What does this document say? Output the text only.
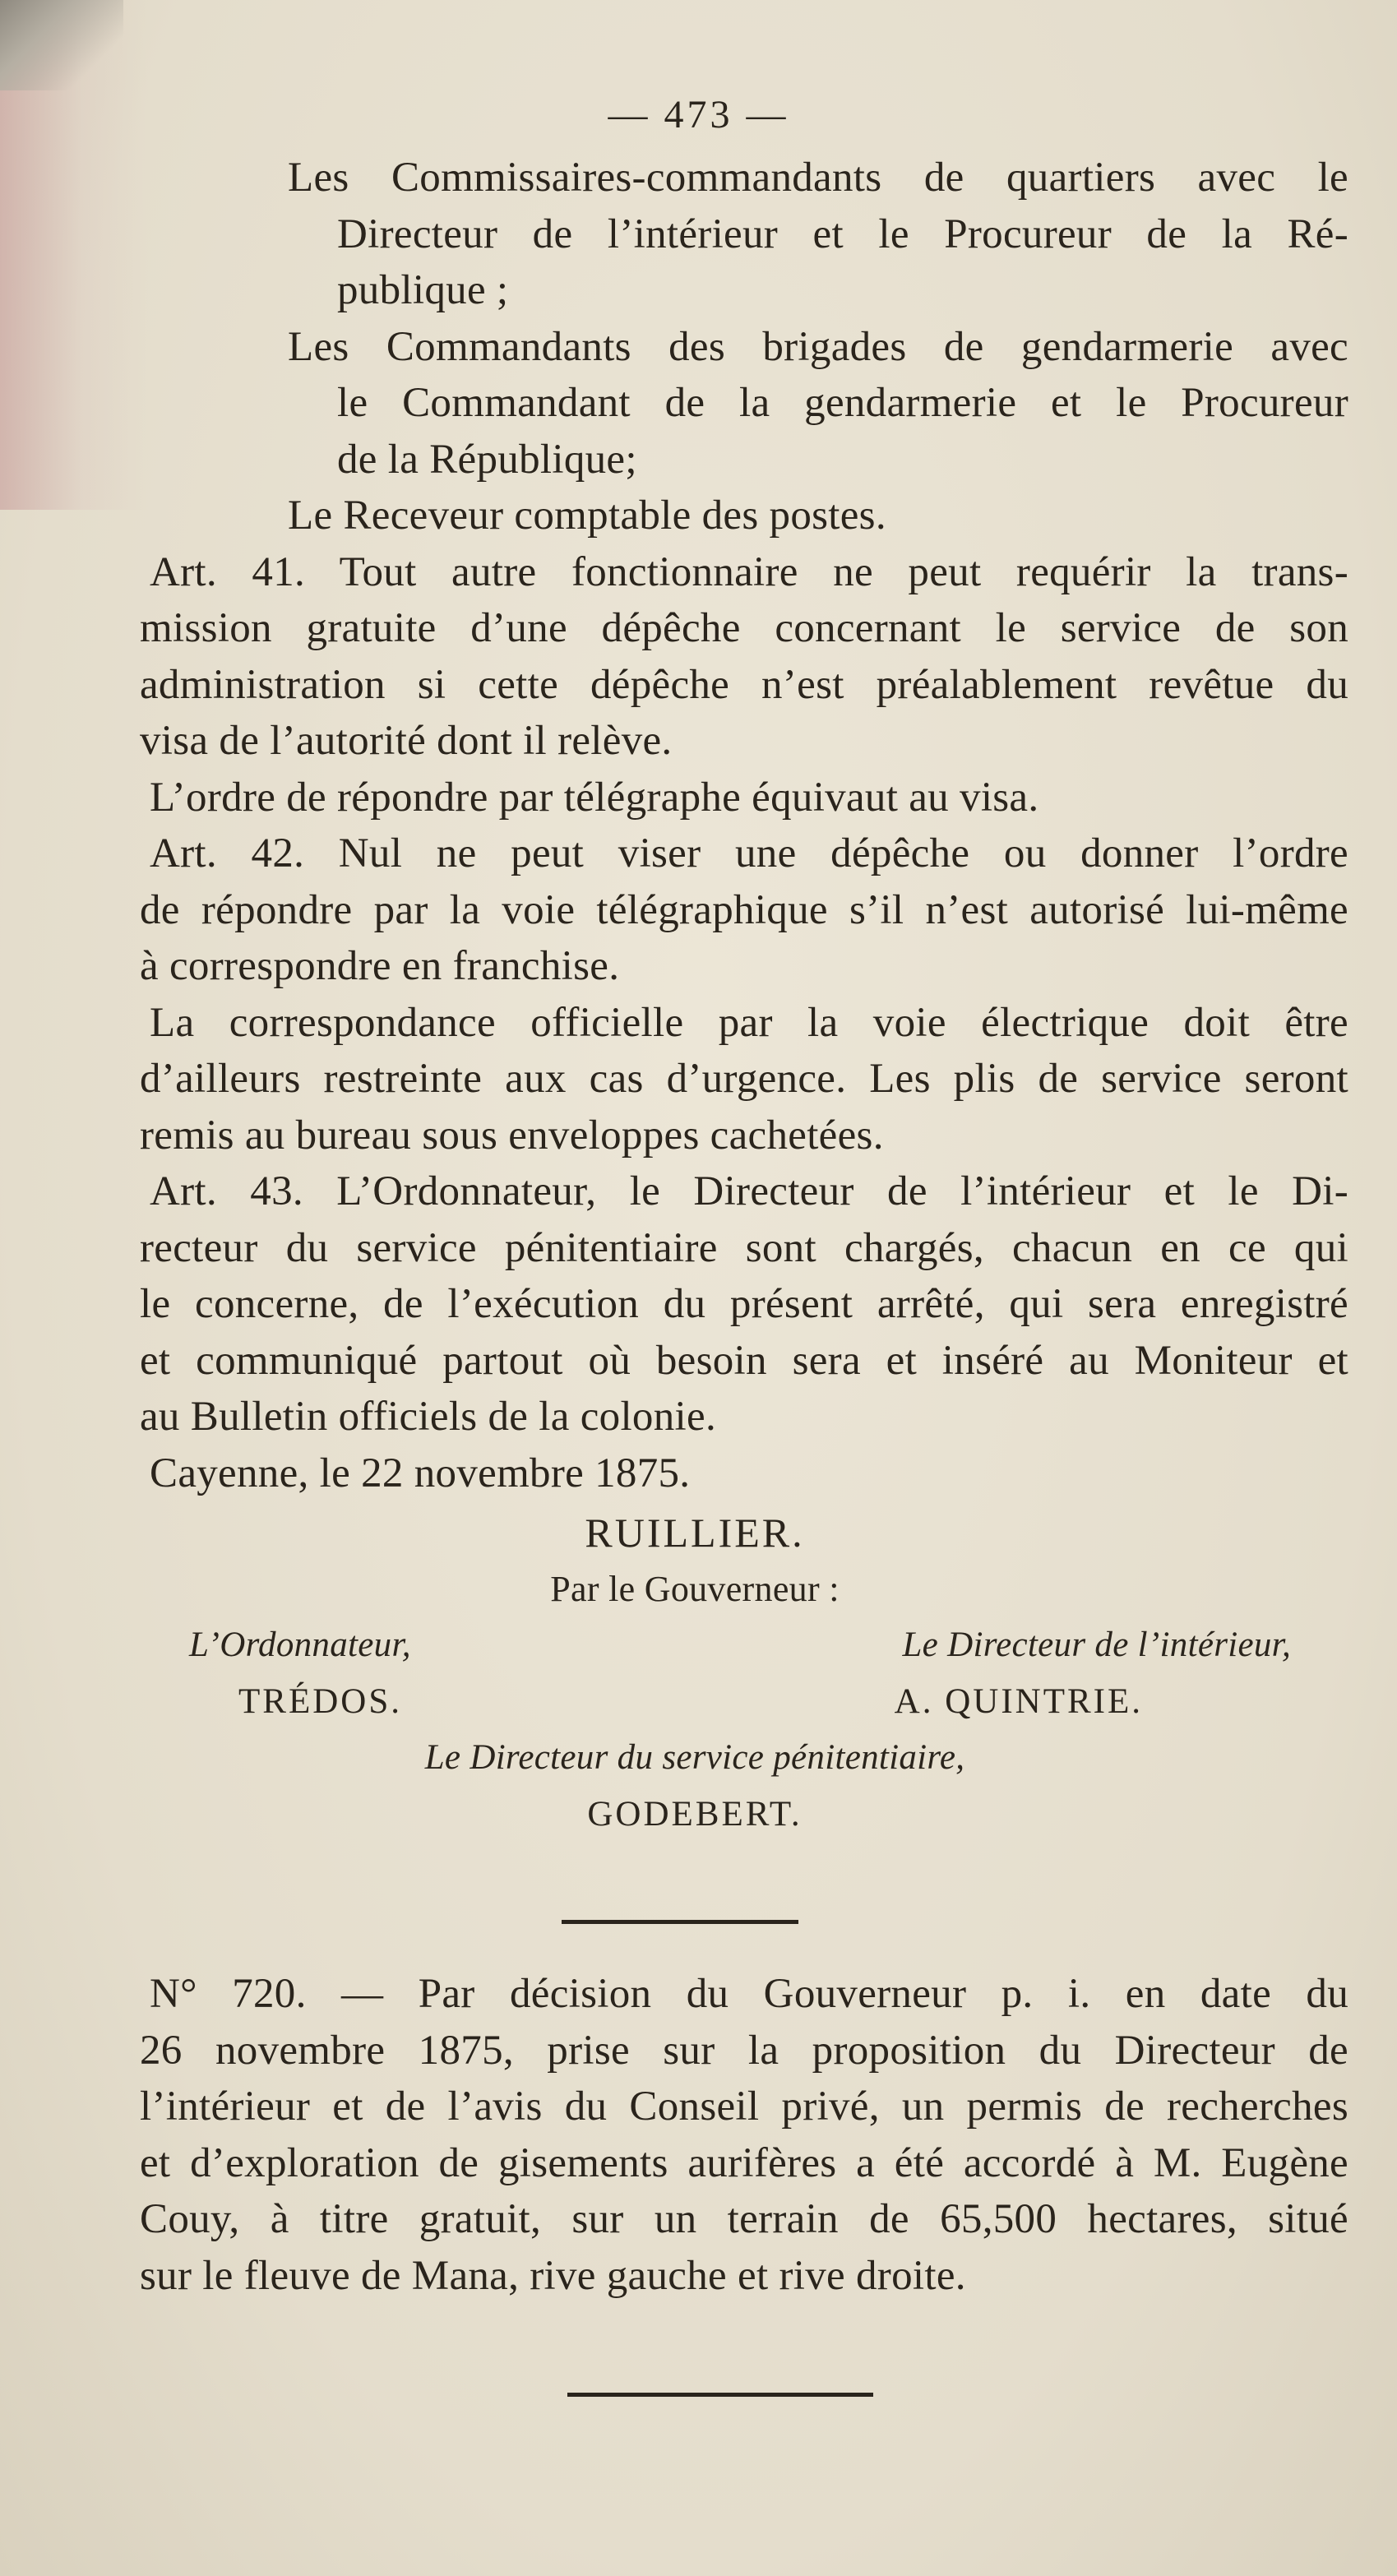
— 473 —
Les Commissaires-commandants de quartiers avec le
Directeur de l’intérieur et le Procureur de la Ré-
publique ;
Les Commandants des brigades de gendarmerie avec
le Commandant de la gendarmerie et le Procureur
de la République;
Le Receveur comptable des postes.
Art. 41. Tout autre fonctionnaire ne peut requérir la trans-
mission gratuite d’une dépêche concernant le service de son
administration si cette dépêche n’est préalablement revêtue du
visa de l’autorité dont il relève.
L’ordre de répondre par télégraphe équivaut au visa.
Art. 42. Nul ne peut viser une dépêche ou donner l’ordre
de répondre par la voie télégraphique s’il n’est autorisé lui-même
à correspondre en franchise.
La correspondance officielle par la voie électrique doit être
d’ailleurs restreinte aux cas d’urgence. Les plis de service seront
remis au bureau sous enveloppes cachetées.
Art. 43. L’Ordonnateur, le Directeur de l’intérieur et le Di-
recteur du service pénitentiaire sont chargés, chacun en ce qui
le concerne, de l’exécution du présent arrêté, qui sera enregistré
et communiqué partout où besoin sera et inséré au Moniteur et
au Bulletin officiels de la colonie.
Cayenne, le 22 novembre 1875.
RUILLIER.
Par le Gouverneur :
L’Ordonnateur,	Le Directeur de l’intérieur,
TRÉDOS.	A. QUINTRIE.
Le Directeur du service pénitentiaire,
GODEBERT.
N° 720. — Par décision du Gouverneur p. i. en date du
26 novembre 1875, prise sur la proposition du Directeur de
l’intérieur et de l’avis du Conseil privé, un permis de recherches
et d’exploration de gisements aurifères a été accordé à M. Eugène
Couy, à titre gratuit, sur un terrain de 65,500 hectares, situé
sur le fleuve de Mana, rive gauche et rive droite.
